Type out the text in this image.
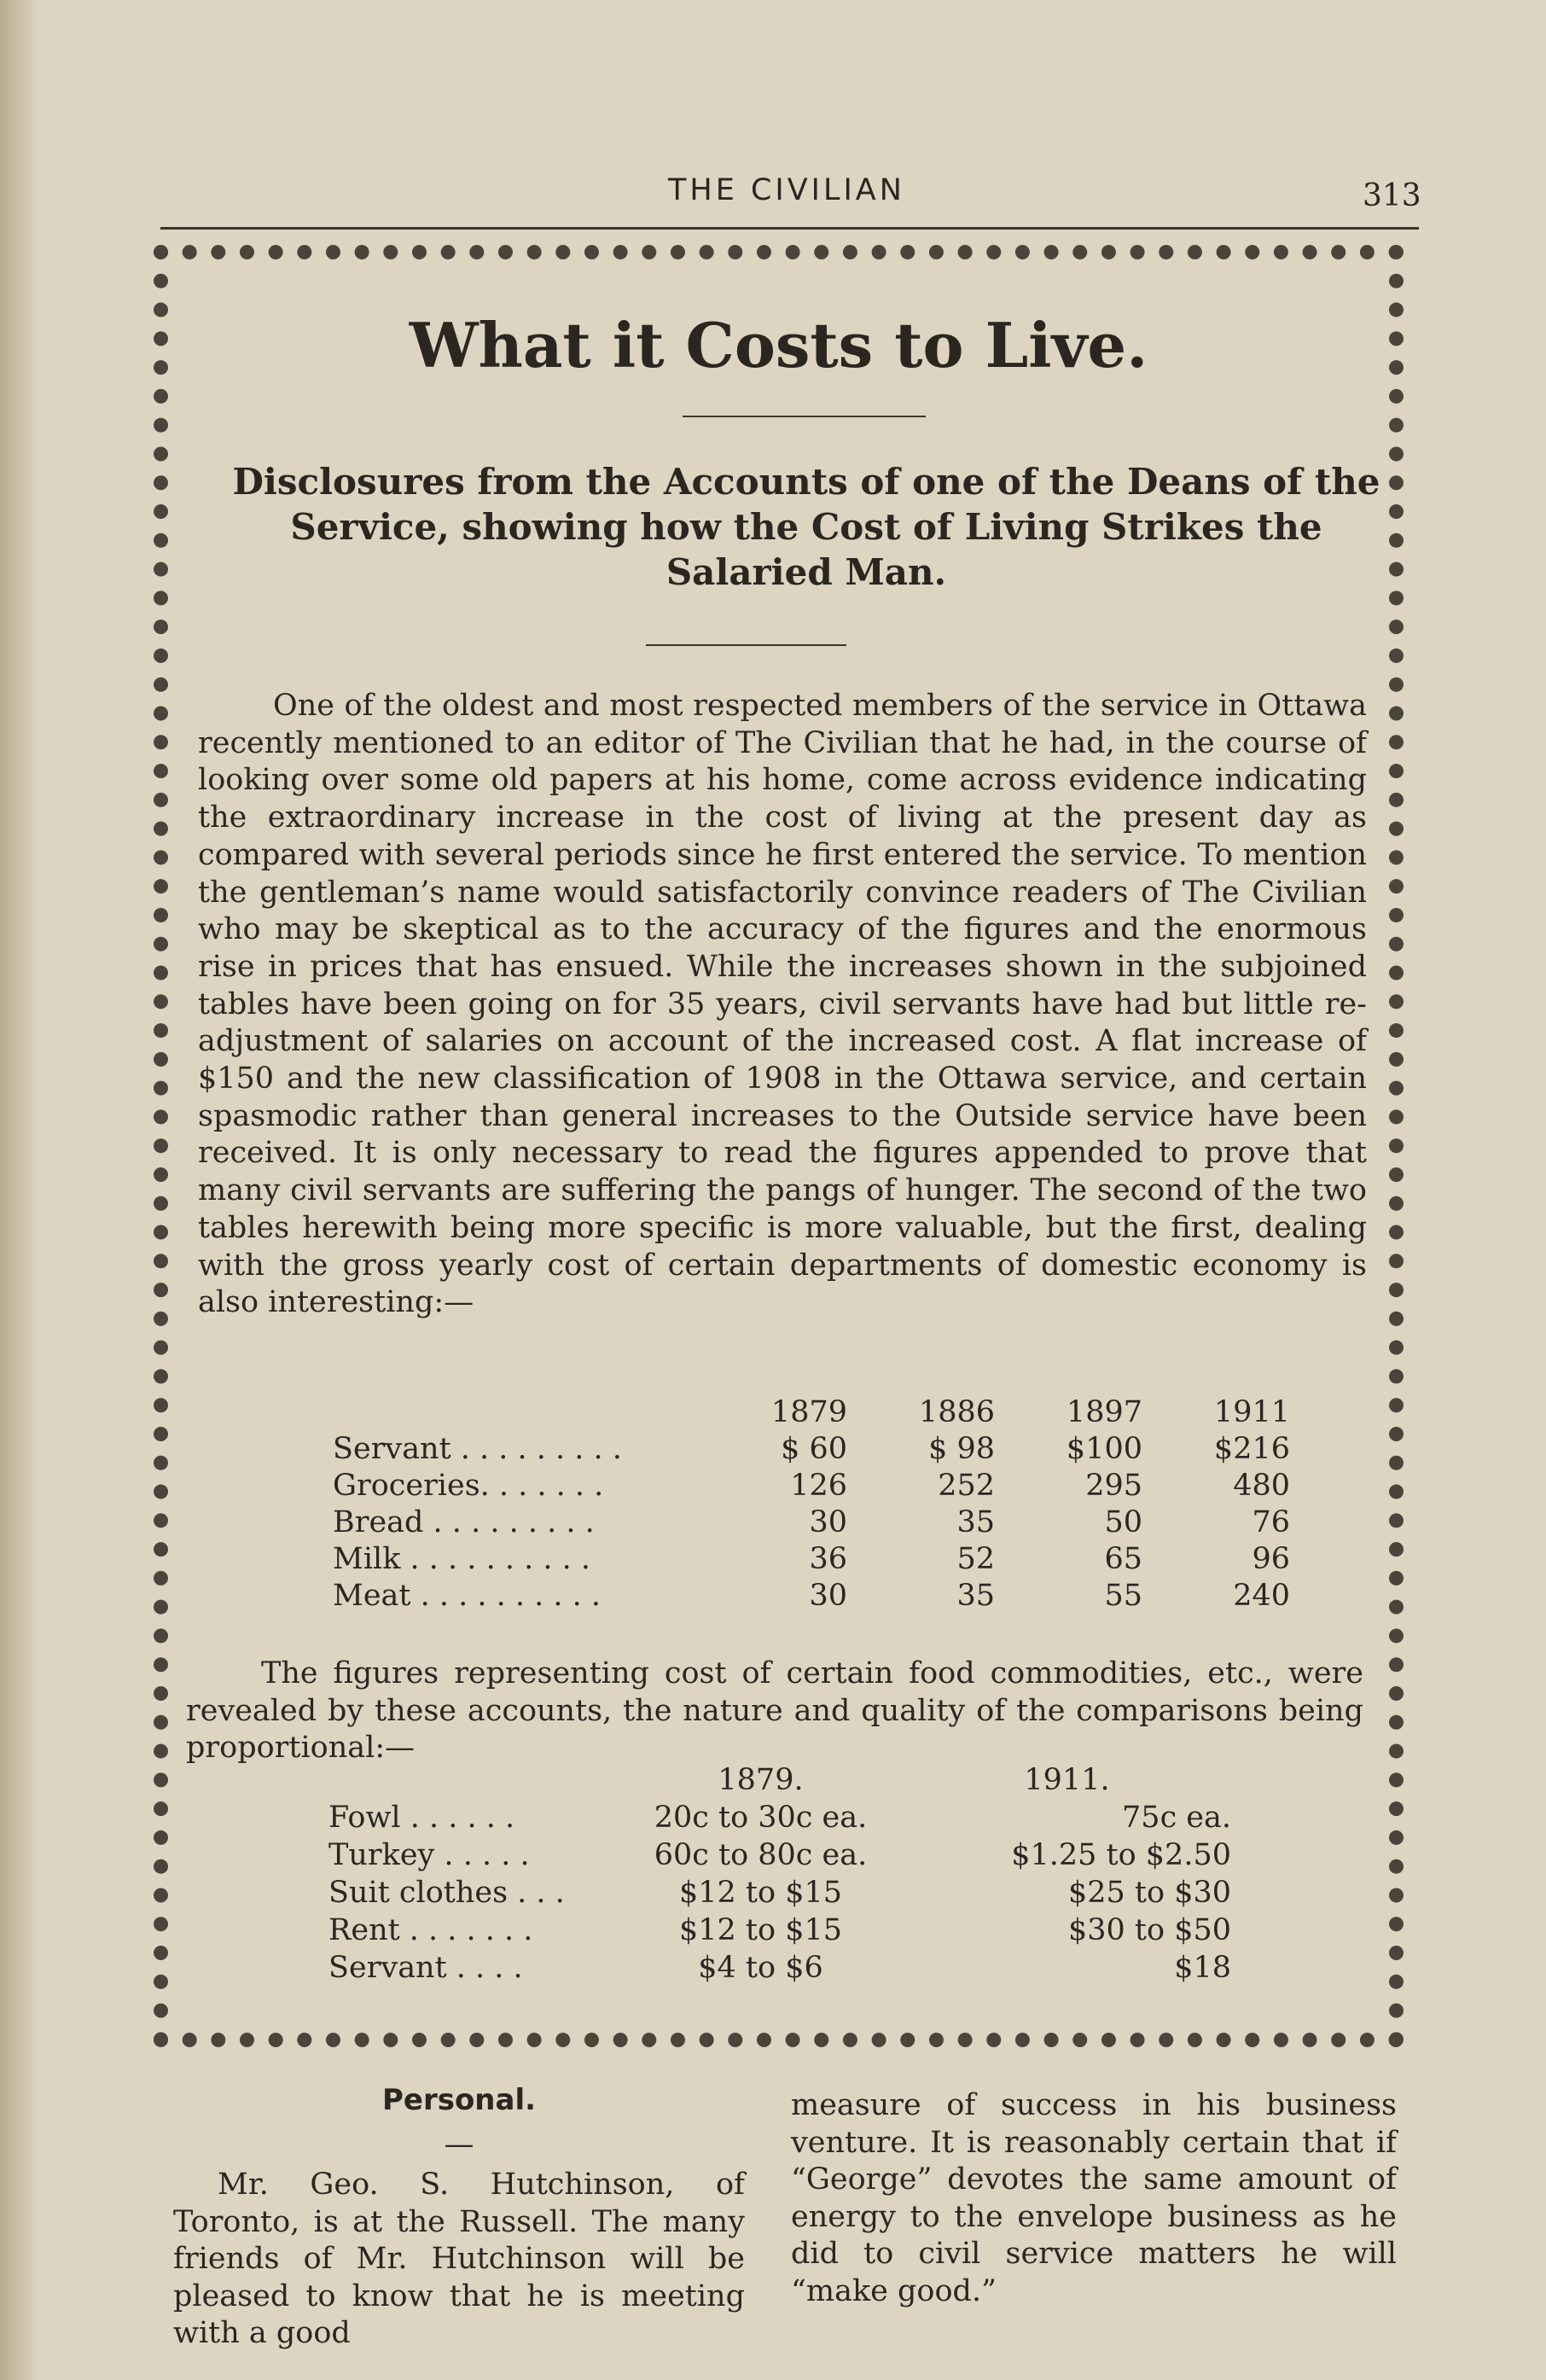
THE CIVILIAN	313
What it Costs to Live.
Disclosures from the Accounts of one of the Deans of the Service, showing how the Cost of Living Strikes the Salaried Man.

One of the oldest and most respected members of the service in Ottawa recently mentioned to an editor of The Civilian that he had, in the course of looking over some old papers at his home, come across evidence indicating the extraordinary increase in the cost of living at the present day as compared with several periods since he first entered the service. To mention the gentleman’s name would satisfactorily convince readers of The Civilian who may be skeptical as to the accuracy of the figures and the enormous rise in prices that has ensued. While the increases shown in the subjoined tables have been going on for 35 years, civil servants have had but little re-adjustment of salaries on account of the increased cost. A flat increase of $150 and the new classification of 1908 in the Ottawa service, and certain spasmodic rather than general increases to the Outside service have been received. It is only necessary to read the figures appended to prove that many civil servants are suffering the pangs of hunger. The second of the two tables herewith being more specific is more valuable, but the first, dealing with the gross yearly cost of certain departments of domestic economy is also interesting:—

	1879	1886	1897	1911
Servant . . . . . . . . .	$ 60	$ 98	$100	$216
Groceries. . . . . . .	126	252	295	480
Bread . . . . . . . . .	30	35	50	76
Milk . . . . . . . . . .	36	52	65	96
Meat . . . . . . . . . .	30	35	55	240

The figures representing cost of certain food commodities, etc., were revealed by these accounts, the nature and quality of the comparisons being proportional:—

	1879.	1911.
Fowl . . . . . .	20c to 30c ea.	75c ea.
Turkey . . . . .	60c to 80c ea.	$1.25 to $2.50
Suit clothes . . .	$12 to $15	$25 to $30
Rent . . . . . . .	$12 to $15	$30 to $50
Servant . . . .	$4 to $6	$18
Personal.
—

Mr. Geo. S. Hutchinson, of Toronto, is at the Russell. The many friends of Mr. Hutchinson will be pleased to know that he is meeting with a good

measure of success in his business venture. It is reasonably certain that if “George” devotes the same amount of energy to the envelope business as he did to civil service matters he will “make good.”
